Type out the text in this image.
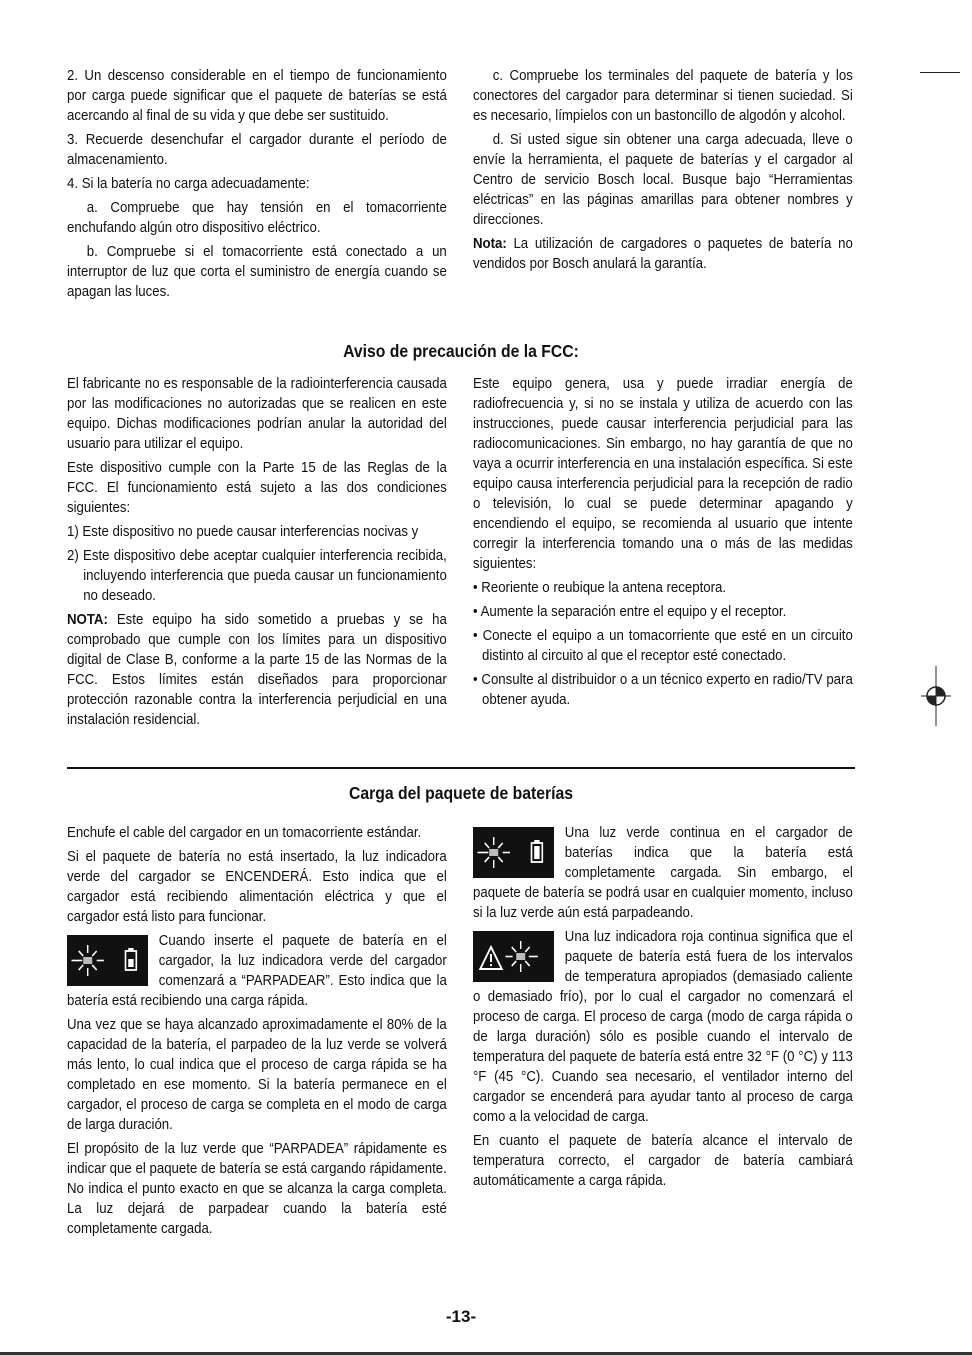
2. Un descenso considerable en el tiempo de funcionamiento por carga puede significar que el paquete de baterías se está acercando al final de su vida y que debe ser sustituido.

3. Recuerde desenchufar el cargador durante el período de almacenamiento.

4. Si la batería no carga adecuadamente:

a. Compruebe que hay tensión en el tomacorriente enchufando algún otro dispositivo eléctrico.

b. Compruebe si el tomacorriente está conectado a un interruptor de luz que corta el suministro de energía cuando se apagan las luces.

c. Compruebe los terminales del paquete de batería y los conectores del cargador para determinar si tienen suciedad. Si es necesario, límpielos con un bastoncillo de algodón y alcohol.

d. Si usted sigue sin obtener una carga adecuada, lleve o envíe la herramienta, el paquete de baterías y el cargador al Centro de servicio Bosch local. Busque bajo “Herramientas eléctricas” en las páginas amarillas para obtener nombres y direcciones.

Nota: La utilización de cargadores o paquetes de batería no vendidos por Bosch anulará la garantía.

Aviso de precaución de la FCC:

El fabricante no es responsable de la radiointerferencia causada por las modificaciones no autorizadas que se realicen en este equipo. Dichas modificaciones podrían anular la autoridad del usuario para utilizar el equipo.

Este dispositivo cumple con la Parte 15 de las Reglas de la FCC. El funcionamiento está sujeto a las dos condiciones siguientes:

1) Este dispositivo no puede causar interferencias nocivas y

2) Este dispositivo debe aceptar cualquier interferencia recibida, incluyendo interferencia que pueda causar un funcionamiento no deseado.

NOTA: Este equipo ha sido sometido a pruebas y se ha comprobado que cumple con los límites para un dispositivo digital de Clase B, conforme a la parte 15 de las Normas de la FCC. Estos límites están diseñados para proporcionar protección razonable contra la interferencia perjudicial en una instalación residencial.

Este equipo genera, usa y puede irradiar energía de radiofrecuencia y, si no se instala y utiliza de acuerdo con las instrucciones, puede causar interferencia perjudicial para las radiocomunicaciones. Sin embargo, no hay garantía de que no vaya a ocurrir interferencia en una instalación específica. Si este equipo causa interferencia perjudicial para la recepción de radio o televisión, lo cual se puede determinar apagando y encendiendo el equipo, se recomienda al usuario que intente corregir la interferencia tomando una o más de las medidas siguientes:

• Reoriente o reubique la antena receptora.

• Aumente la separación entre el equipo y el receptor.

• Conecte el equipo a un tomacorriente que esté en un circuito distinto al circuito al que el receptor esté conectado.

• Consulte al distribuidor o a un técnico experto en radio/TV para obtener ayuda.

Carga del paquete de baterías

Enchufe el cable del cargador en un tomacorriente estándar.

Si el paquete de batería no está insertado, la luz indicadora verde del cargador se ENCENDERÁ. Esto indica que el cargador está recibiendo alimentación eléctrica y que el cargador está listo para funcionar.

Cuando inserte el paquete de batería en el cargador, la luz indicadora verde del cargador comenzará a “PARPADEAR”. Esto indica que la batería está recibiendo una carga rápida.

Una vez que se haya alcanzado aproximadamente el 80% de la capacidad de la batería, el parpadeo de la luz verde se volverá más lento, lo cual indica que el proceso de carga rápida se ha completado en ese momento. Si la batería permanece en el cargador, el proceso de carga se completa en el modo de carga de larga duración.

El propósito de la luz verde que “PARPADEA” rápidamente es indicar que el paquete de batería se está cargando rápidamente. No indica el punto exacto en que se alcanza la carga completa. La luz dejará de parpadear cuando la batería esté completamente cargada.

Una luz verde continua en el cargador de baterías indica que la batería está completamente cargada. Sin embargo, el paquete de batería se podrá usar en cualquier momento, incluso si la luz verde aún está parpadeando.

Una luz indicadora roja continua significa que el paquete de batería está fuera de los intervalos de temperatura apropiados (demasiado caliente o demasiado frío), por lo cual el cargador no comenzará el proceso de carga. El proceso de carga (modo de carga rápida o de larga duración) sólo es posible cuando el intervalo de temperatura del paquete de batería está entre 32 °F (0 °C) y 113 °F (45 °C). Cuando sea necesario, el ventilador interno del cargador se encenderá para ayudar tanto al proceso de carga como a la velocidad de carga.

En cuanto el paquete de batería alcance el intervalo de temperatura correcto, el cargador de batería cambiará automáticamente a carga rápida.

-13-
